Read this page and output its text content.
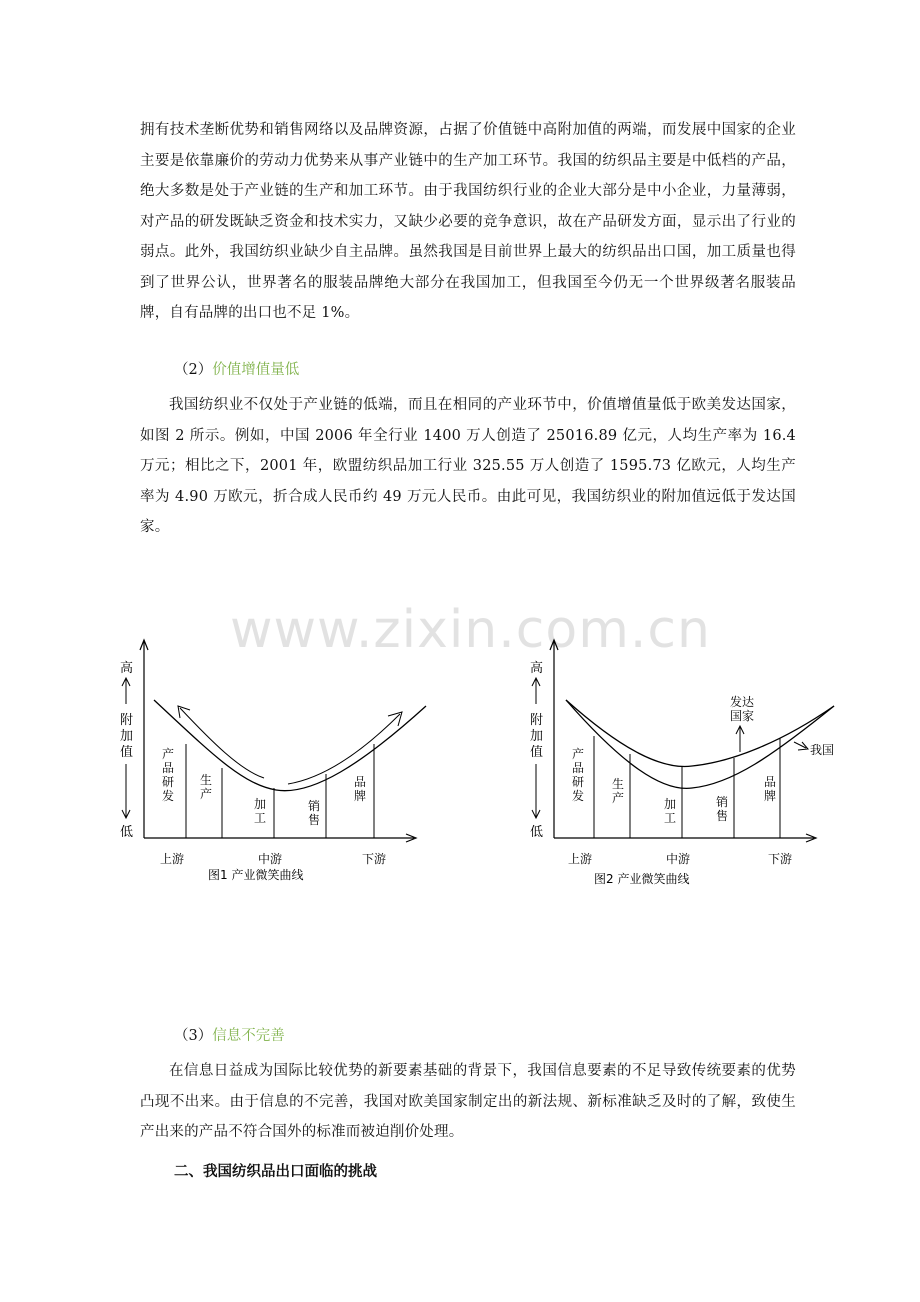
拥有技术垄断优势和销售网络以及品牌资源，占据了价值链中高附加值的两端，而发展中国家的企业主要是依靠廉价的劳动力优势来从事产业链中的生产加工环节。我国的纺织品主要是中低档的产品，绝大多数是处于产业链的生产和加工环节。由于我国纺织行业的企业大部分是中小企业，力量薄弱，对产品的研发既缺乏资金和技术实力，又缺少必要的竞争意识，故在产品研发方面，显示出了行业的弱点。此外，我国纺织业缺少自主品牌。虽然我国是目前世界上最大的纺织品出口国，加工质量也得到了世界公认，世界著名的服装品牌绝大部分在我国加工，但我国至今仍无一个世界级著名服装品牌，自有品牌的出口也不足 1%。

（2）价值增值量低

我国纺织业不仅处于产业链的低端，而且在相同的产业环节中，价值增值量低于欧美发达国家，如图 2 所示。例如，中国 2006 年全行业 1400 万人创造了 25016.89 亿元，人均生产率为 16.4 万元；相比之下，2001 年，欧盟纺织品加工行业 325.55 万人创造了 1595.73 亿欧元，人均生产率为 4.90 万欧元，折合成人民币约 49 万元人民币。由此可见，我国纺织业的附加值远低于发达国家。

www.zixin.com.cn
高
附 加 值
低
产 品 研 发
生 产
加 工
销 售
品 牌
上游	中游	下游
图1 产业微笑曲线
高
附 加 值
低
发达 国家
我国
产 品 研 发
生 产	加 工
销 售
品 牌
上游	中游	下游
图2 产业微笑曲线
（3）信息不完善

在信息日益成为国际比较优势的新要素基础的背景下，我国信息要素的不足导致传统要素的优势凸现不出来。由于信息的不完善，我国对欧美国家制定出的新法规、新标准缺乏及时的了解，致使生产出来的产品不符合国外的标准而被迫削价处理。

二、我国纺织品出口面临的挑战
